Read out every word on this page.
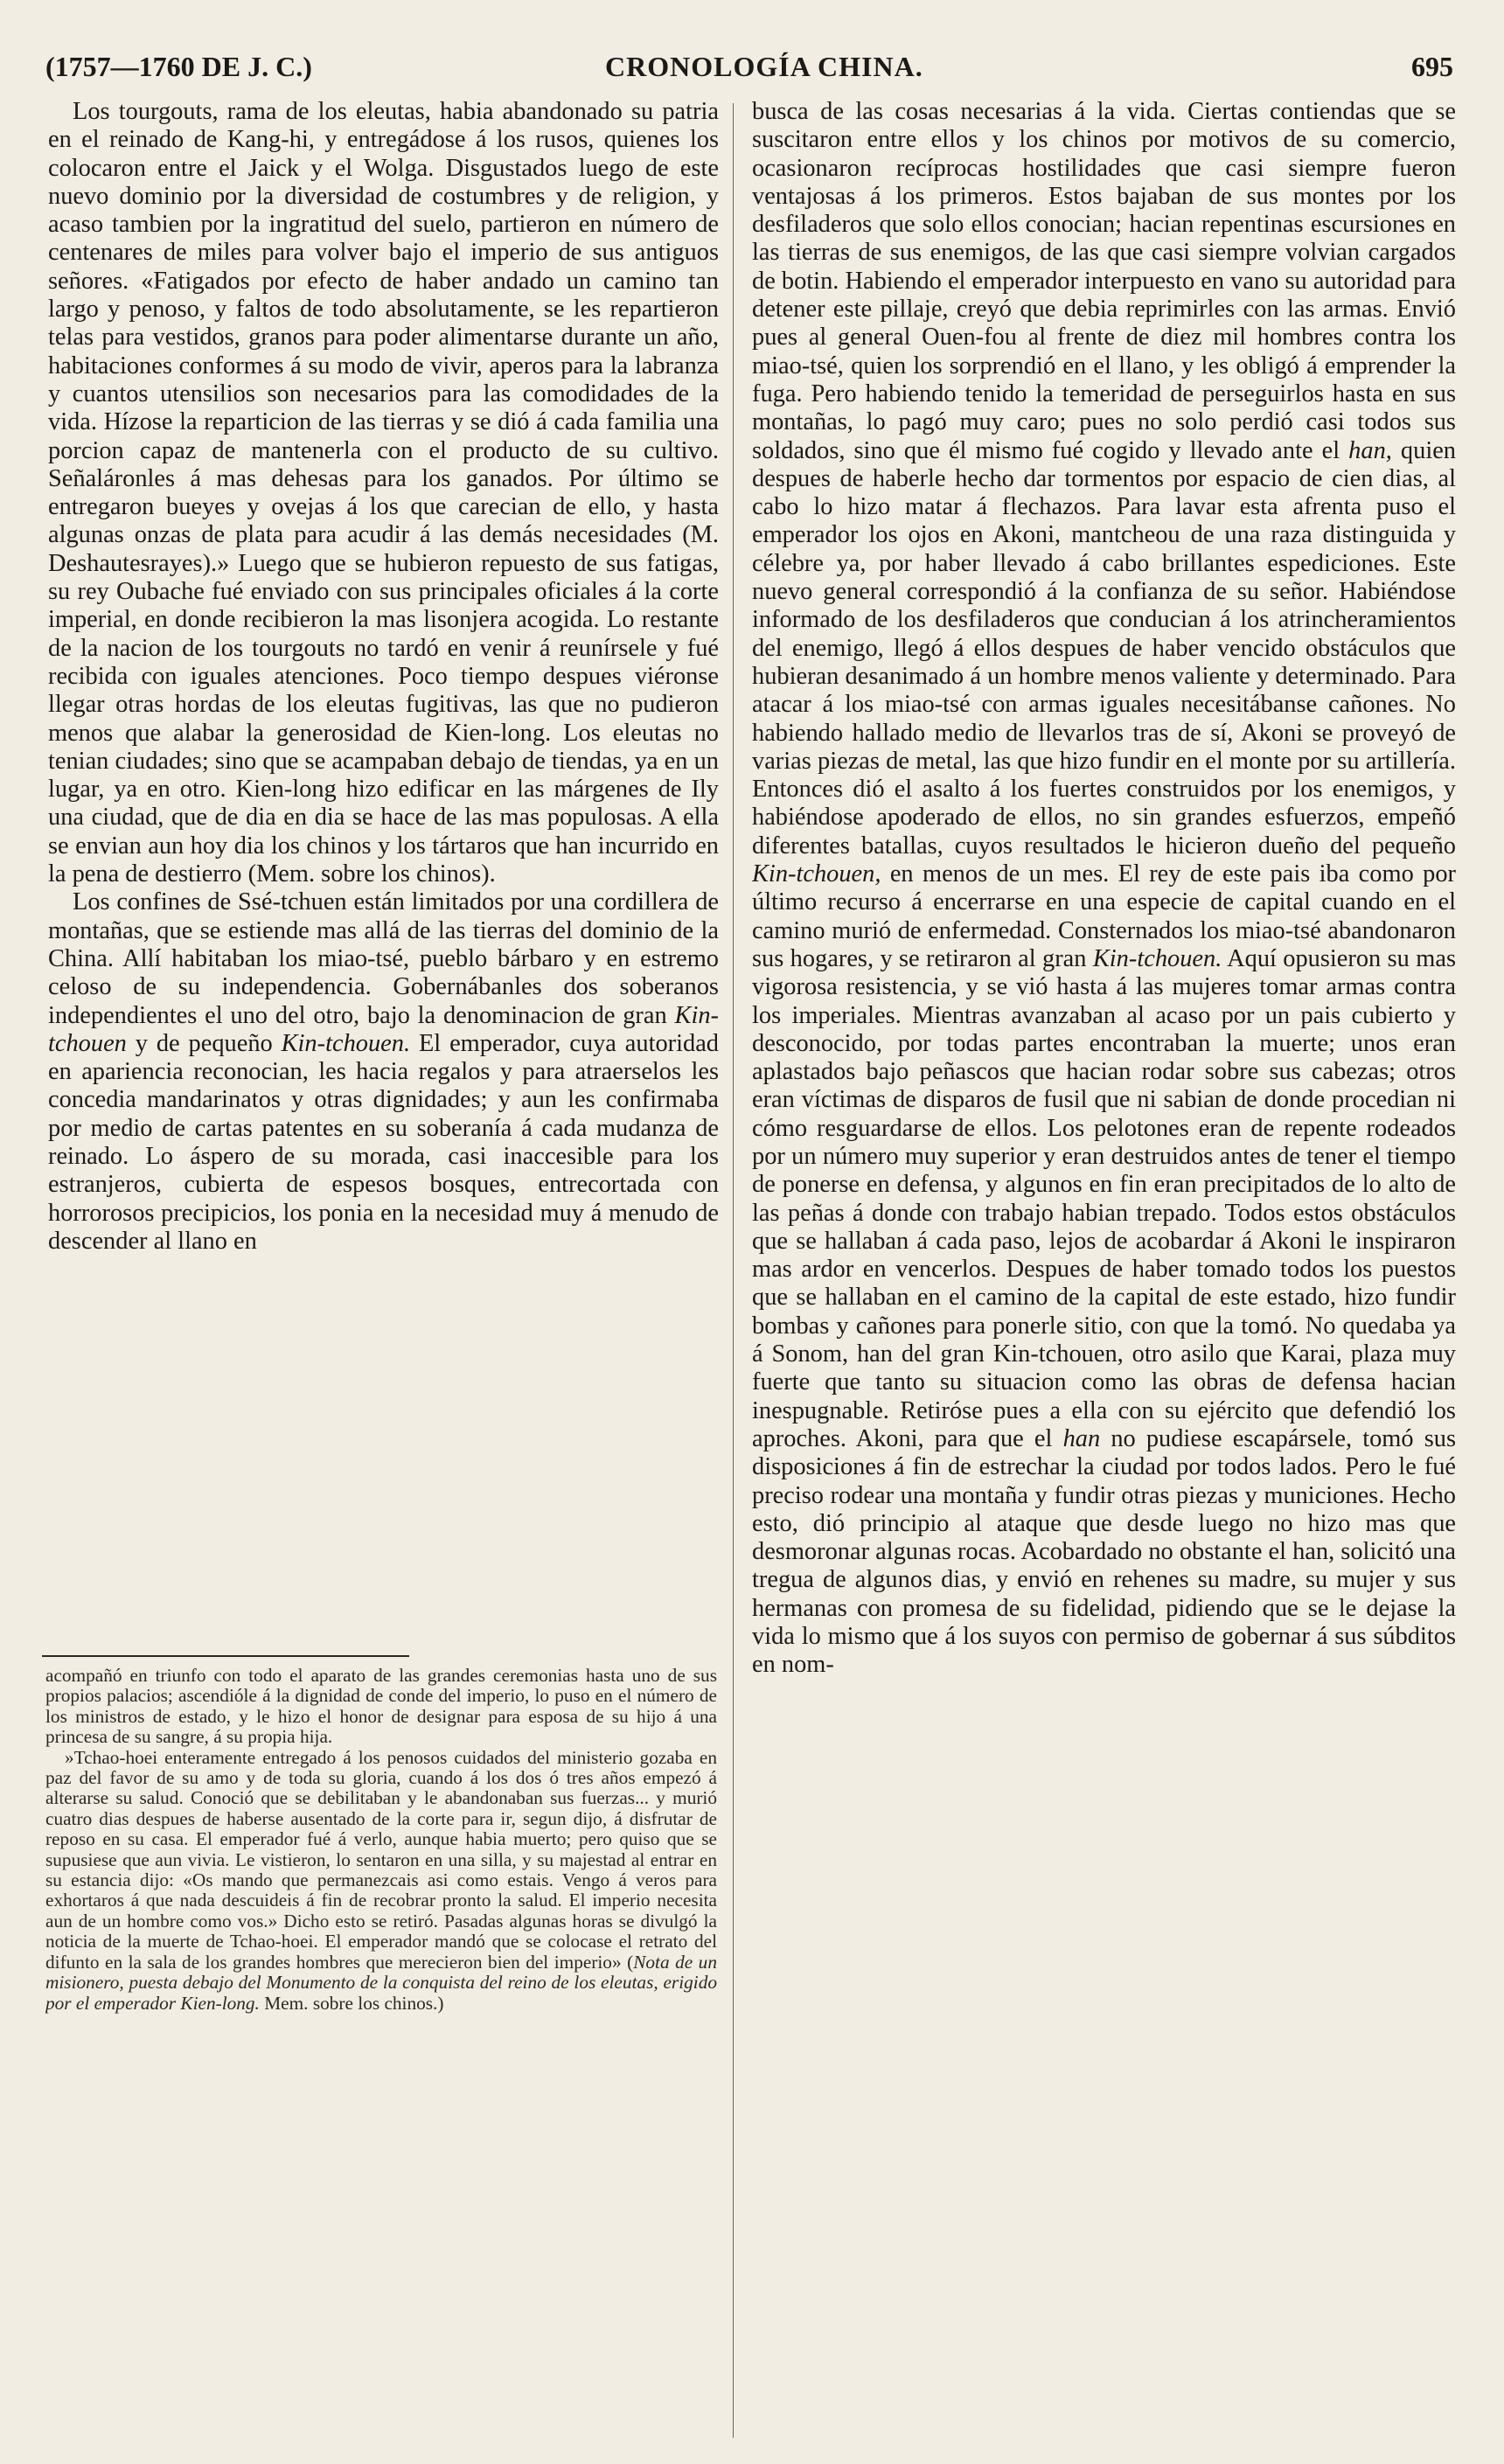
(1757—1760 DE J. C.)	CRONOLOGÍA CHINA.	695

Los tourgouts, rama de los eleutas, habia abandonado su patria en el reinado de Kang-hi, y entregádose á los rusos, quienes los colocaron entre el Jaick y el Wolga. Disgustados luego de este nuevo dominio por la diversidad de costumbres y de religion, y acaso tambien por la ingratitud del suelo, partieron en número de centenares de miles para volver bajo el imperio de sus antiguos señores. «Fatigados por efecto de haber andado un camino tan largo y penoso, y faltos de todo absolutamente, se les repartieron telas para vestidos, granos para poder alimentarse durante un año, habitaciones conformes á su modo de vivir, aperos para la labranza y cuantos utensilios son necesarios para las comodidades de la vida. Hízose la reparticion de las tierras y se dió á cada familia una porcion capaz de mantenerla con el producto de su cultivo. Señaláronles á mas dehesas para los ganados. Por último se entregaron bueyes y ovejas á los que carecian de ello, y hasta algunas onzas de plata para acudir á las demás necesidades (M. Deshautesrayes).» Luego que se hubieron repuesto de sus fatigas, su rey Oubache fué enviado con sus principales oficiales á la corte imperial, en donde recibieron la mas lisonjera acogida. Lo restante de la nacion de los tourgouts no tardó en venir á reunírsele y fué recibida con iguales atenciones. Poco tiempo despues viéronse llegar otras hordas de los eleutas fugitivas, las que no pudieron menos que alabar la generosidad de Kien-long. Los eleutas no tenian ciudades; sino que se acampaban debajo de tiendas, ya en un lugar, ya en otro. Kien-long hizo edificar en las márgenes de Ily una ciudad, que de dia en dia se hace de las mas populosas. A ella se envian aun hoy dia los chinos y los tártaros que han incurrido en la pena de destierro (Mem. sobre los chinos).

Los confines de Ssé-tchuen están limitados por una cordillera de montañas, que se estiende mas allá de las tierras del dominio de la China. Allí habitaban los miao-tsé, pueblo bárbaro y en estremo celoso de su independencia. Gobernábanles dos soberanos independientes el uno del otro, bajo la denominacion de gran Kin-tchouen y de pequeño Kin-tchouen. El emperador, cuya autoridad en apariencia reconocian, les hacia regalos y para atraerselos les concedia mandarinatos y otras dignidades; y aun les confirmaba por medio de cartas patentes en su soberanía á cada mudanza de reinado. Lo áspero de su morada, casi inaccesible para los estranjeros, cubierta de espesos bosques, entrecortada con horrorosos precipicios, los ponia en la necesidad muy á menudo de descender al llano en

acompañó en triunfo con todo el aparato de las grandes ceremonias hasta uno de sus propios palacios; ascendióle á la dignidad de conde del imperio, lo puso en el número de los ministros de estado, y le hizo el honor de designar para esposa de su hijo á una princesa de su sangre, á su propia hija.

»Tchao-hoei enteramente entregado á los penosos cuidados del ministerio gozaba en paz del favor de su amo y de toda su gloria, cuando á los dos ó tres años empezó á alterarse su salud. Conoció que se debilitaban y le abandonaban sus fuerzas... y murió cuatro dias despues de haberse ausentado de la corte para ir, segun dijo, á disfrutar de reposo en su casa. El emperador fué á verlo, aunque habia muerto; pero quiso que se supusiese que aun vivia. Le vistieron, lo sentaron en una silla, y su majestad al entrar en su estancia dijo: «Os mando que permanezcais asi como estais. Vengo á veros para exhortaros á que nada descuideis á fin de recobrar pronto la salud. El imperio necesita aun de un hombre como vos.» Dicho esto se retiró. Pasadas algunas horas se divulgó la noticia de la muerte de Tchao-hoei. El emperador mandó que se colocase el retrato del difunto en la sala de los grandes hombres que merecieron bien del imperio» (Nota de un misionero, puesta debajo del Monumento de la conquista del reino de los eleutas, erigido por el emperador Kien-long. Mem. sobre los chinos.)

busca de las cosas necesarias á la vida. Ciertas contiendas que se suscitaron entre ellos y los chinos por motivos de su comercio, ocasionaron recíprocas hostilidades que casi siempre fueron ventajosas á los primeros. Estos bajaban de sus montes por los desfiladeros que solo ellos conocian; hacian repentinas escursiones en las tierras de sus enemigos, de las que casi siempre volvian cargados de botin. Habiendo el emperador interpuesto en vano su autoridad para detener este pillaje, creyó que debia reprimirles con las armas. Envió pues al general Ouen-fou al frente de diez mil hombres contra los miao-tsé, quien los sorprendió en el llano, y les obligó á emprender la fuga. Pero habiendo tenido la temeridad de perseguirlos hasta en sus montañas, lo pagó muy caro; pues no solo perdió casi todos sus soldados, sino que él mismo fué cogido y llevado ante el han, quien despues de haberle hecho dar tormentos por espacio de cien dias, al cabo lo hizo matar á flechazos. Para lavar esta afrenta puso el emperador los ojos en Akoni, mantcheou de una raza distinguida y célebre ya, por haber llevado á cabo brillantes espediciones. Este nuevo general correspondió á la confianza de su señor. Habiéndose informado de los desfiladeros que conducian á los atrincheramientos del enemigo, llegó á ellos despues de haber vencido obstáculos que hubieran desanimado á un hombre menos valiente y determinado. Para atacar á los miao-tsé con armas iguales necesitábanse cañones. No habiendo hallado medio de llevarlos tras de sí, Akoni se proveyó de varias piezas de metal, las que hizo fundir en el monte por su artillería. Entonces dió el asalto á los fuertes construidos por los enemigos, y habiéndose apoderado de ellos, no sin grandes esfuerzos, empeñó diferentes batallas, cuyos resultados le hicieron dueño del pequeño Kin-tchouen, en menos de un mes. El rey de este pais iba como por último recurso á encerrarse en una especie de capital cuando en el camino murió de enfermedad. Consternados los miao-tsé abandonaron sus hogares, y se retiraron al gran Kin-tchouen. Aquí opusieron su mas vigorosa resistencia, y se vió hasta á las mujeres tomar armas contra los imperiales. Mientras avanzaban al acaso por un pais cubierto y desconocido, por todas partes encontraban la muerte; unos eran aplastados bajo peñascos que hacian rodar sobre sus cabezas; otros eran víctimas de disparos de fusil que ni sabian de donde procedian ni cómo resguardarse de ellos. Los pelotones eran de repente rodeados por un número muy superior y eran destruidos antes de tener el tiempo de ponerse en defensa, y algunos en fin eran precipitados de lo alto de las peñas á donde con trabajo habian trepado. Todos estos obstáculos que se hallaban á cada paso, lejos de acobardar á Akoni le inspiraron mas ardor en vencerlos. Despues de haber tomado todos los puestos que se hallaban en el camino de la capital de este estado, hizo fundir bombas y cañones para ponerle sitio, con que la tomó. No quedaba ya á Sonom, han del gran Kin-tchouen, otro asilo que Karai, plaza muy fuerte que tanto su situacion como las obras de defensa hacian inespugnable. Retiróse pues a ella con su ejército que defendió los aproches. Akoni, para que el han no pudiese escapársele, tomó sus disposiciones á fin de estrechar la ciudad por todos lados. Pero le fué preciso rodear una montaña y fundir otras piezas y municiones. Hecho esto, dió principio al ataque que desde luego no hizo mas que desmoronar algunas rocas. Acobardado no obstante el han, solicitó una tregua de algunos dias, y envió en rehenes su madre, su mujer y sus hermanas con promesa de su fidelidad, pidiendo que se le dejase la vida lo mismo que á los suyos con permiso de gobernar á sus súbditos en nom-
